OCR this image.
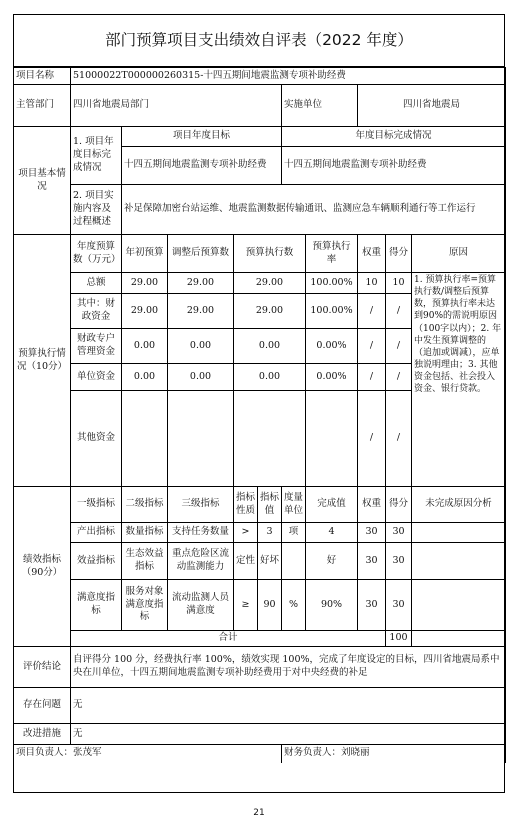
部门预算项目支出绩效自评表（2022 年度）
项目名称	51000022T000000260315-十四五期间地震监测专项补助经费									
主管部门	四川省地震局部门					实施单位		四川省地震局		
项目基本情况	1. 项目年度目标完成情况	项目年度目标				年度目标完成情况				
		十四五期间地震监测专项补助经费				十四五期间地震监测专项补助经费				
	2. 项目实施内容及过程概述	补足保障加密台站运维、地震监测数据传输通讯、监测应急车辆顺利通行等工作运行								
预算执行情况（10分）	年度预算数（万元）	年初预算	调整后预算数	预算执行数			预算执行率	权重	得分	原因
	总额	29.00	29.00	29.00			100.00%	10	10	1. 预算执行率=预算执行数/调整后预算数，预算执行率未达到90%的需说明原因（100字以内）；2. 年中发生预算调整的（追加或调减），应单独说明理由；3. 其他资金包括、社会投入资金、银行贷款。
	其中：财政资金	29.00	29.00	29.00			100.00%	/	/	
	财政专户管理资金	0.00	0.00	0.00			0.00%	/	/	
	单位资金	0.00	0.00	0.00			0.00%	/	/	
	其他资金							/	/	
绩效指标（90分）	一级指标	二级指标	三级指标	指标性质	指标值	度量单位	完成值	权重	得分	未完成原因分析
	产出指标	数量指标	支持任务数量	>	3	项	4	30	30	
	效益指标	生态效益指标	重点危险区流动监测能力	定性	好坏		好	30	30	
	满意度指标	服务对象满意度指标	流动监测人员满意度	≥	90	%	90%	30	30	
	合计								100	
评价结论	自评得分 100 分，经费执行率 100%，绩效实现 100%，完成了年度设定的目标，四川省地震局系中央在川单位，十四五期间地震监测专项补助经费用于对中央经费的补足									
存在问题	无									
改进措施	无									
项目负责人：张茂军						财务负责人：刘晓丽				
21
